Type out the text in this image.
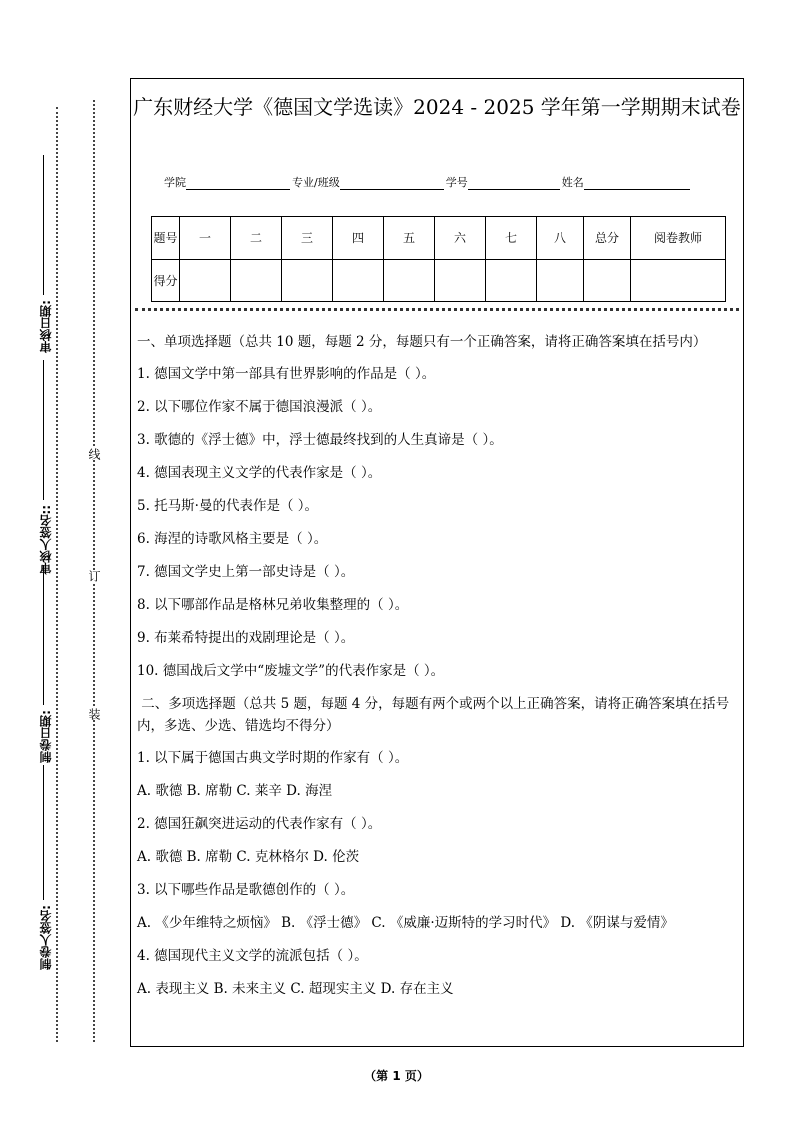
审核日期:
审核人签名::
制卷日期:
制卷人签名:
线
订
装
广东财经大学《德国文学选读》2024 - 2025 学年第一学期期末试卷
学院	专业/班级	学号	姓名
题号	一	二	三	四	五	六	七	八	总分	阅卷教师
得分										

一、单项选择题（总共 10 题，每题 2 分，每题只有一个正确答案，请将正确答案填在括号内）

1. 德国文学中第一部具有世界影响的作品是（ ）。

2. 以下哪位作家不属于德国浪漫派（ ）。

3. 歌德的《浮士德》中，浮士德最终找到的人生真谛是（ ）。

4. 德国表现主义文学的代表作家是（ ）。

5. 托马斯·曼的代表作是（ ）。

6. 海涅的诗歌风格主要是（ ）。

7. 德国文学史上第一部史诗是（ ）。

8. 以下哪部作品是格林兄弟收集整理的（ ）。

9. 布莱希特提出的戏剧理论是（ ）。

10. 德国战后文学中“废墟文学”的代表作家是（ ）。

二、多项选择题（总共 5 题，每题 4 分，每题有两个或两个以上正确答案，请将正确答案填在括号内，多选、少选、错选均不得分）

1. 以下属于德国古典文学时期的作家有（ ）。

A. 歌德 B. 席勒 C. 莱辛 D. 海涅

2. 德国狂飙突进运动的代表作家有（ ）。

A. 歌德 B. 席勒 C. 克林格尔 D. 伦茨

3. 以下哪些作品是歌德创作的（ ）。

A. 《少年维特之烦恼》 B. 《浮士德》 C. 《威廉·迈斯特的学习时代》 D. 《阴谋与爱情》

4. 德国现代主义文学的流派包括（ ）。

A. 表现主义 B. 未来主义 C. 超现实主义 D. 存在主义

（第 1 页）
